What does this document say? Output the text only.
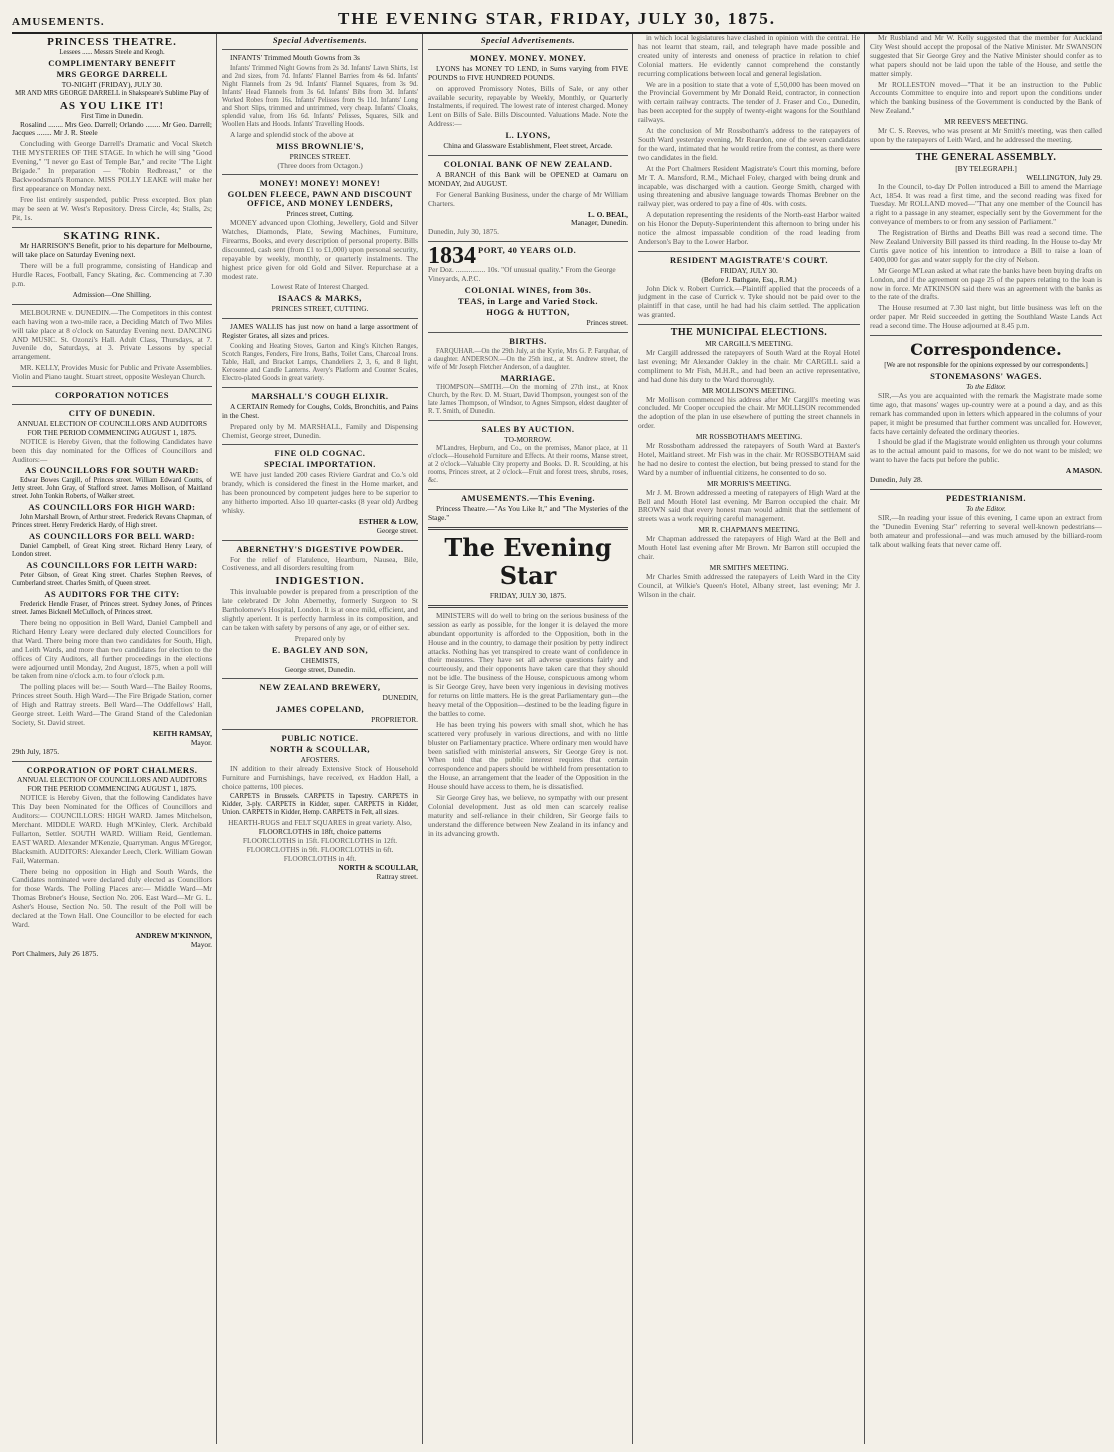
AMUSEMENTS.	THE EVENING STAR, FRIDAY, JULY 30, 1875.
PRINCESS THEATRE.
Lessees ...... Messrs Steele and Keogh.
COMPLIMENTARY BENEFIT
MRS GEORGE DARRELL
TO-NIGHT (FRIDAY), JULY 30.
MR AND MRS GEORGE DARRELL in Shakspeare's Sublime Play of
AS YOU LIKE IT!
First Time in Dunedin.

Rosalind ........ Mrs Geo. Darrell; Orlando ........ Mr Geo. Darrell; Jacques ........ Mr J. R. Steele

Concluding with George Darrell's Dramatic and Vocal Sketch THE MYSTERIES OF THE STAGE. In which he will sing "Good Evening," "I never go East of Temple Bar," and recite "The Light Brigade." In preparation — "Robin Redbreast," or the Backwoodsman's Romance. MISS POLLY LEAKE will make her first appearance on Monday next.

Free list entirely suspended, public Press excepted. Box plan may be seen at W. West's Repository. Dress Circle, 4s; Stalls, 2s; Pit, 1s.

SKATING RINK.

Mr HARRISON'S Benefit, prior to his departure for Melbourne, will take place on Saturday Evening next.

There will be a full programme, consisting of Handicap and Hurdle Races, Football, Fancy Skating, &c. Commencing at 7.30 p.m.

Admission—One Shilling.

MELBOURNE v. DUNEDIN.—The Competitors in this contest each having won a two-mile race, a Deciding Match of Two Miles will take place at 8 o'clock on Saturday Evening next. DANCING AND MUSIC. St. Ozonzi's Hall. Adult Class, Thursdays, at 7. Juvenile do, Saturdays, at 3. Private Lessons by special arrangement.

MR. KELLY, Provides Music for Public and Private Assemblies. Violin and Piano taught. Stuart street, opposite Wesleyan Church.

CORPORATION NOTICES
CITY OF DUNEDIN.
ANNUAL ELECTION OF COUNCILLORS AND AUDITORS FOR THE PERIOD COMMENCING AUGUST 1, 1875.

NOTICE is Hereby Given, that the following Candidates have been this day nominated for the Offices of Councillors and Auditors:—

AS COUNCILLORS FOR SOUTH WARD:

Edwar Bowes Cargill, of Princes street. William Edward Coutts, of Jetty street. John Gray, of Stafford street. James Mollison, of Maitland street. John Tonkin Roberts, of Walker street.

AS COUNCILLORS FOR HIGH WARD:

John Marshall Brown, of Arthur street. Frederick Revans Chapman, of Princes street. Henry Frederick Hardy, of High street.

AS COUNCILLORS FOR BELL WARD:

Daniel Campbell, of Great King street. Richard Henry Leary, of London street.

AS COUNCILLORS FOR LEITH WARD:

Peter Gibson, of Great King street. Charles Stephen Reeves, of Cumberland street. Charles Smith, of Queen street.

AS AUDITORS FOR THE CITY:

Frederick Hendle Fraser, of Princes street. Sydney Jones, of Princes street. James Bicknell McCulloch, of Princes street.

There being no opposition in Bell Ward, Daniel Campbell and Richard Henry Leary were declared duly elected Councillors for that Ward. There being more than two candidates for South, High, and Leith Wards, and more than two candidates for election to the offices of City Auditors, all further proceedings in the elections were adjourned until Monday, 2nd August, 1875, when a poll will be taken from nine o'clock a.m. to four o'clock p.m.

The polling places will be:— South Ward—The Bailey Rooms, Princes street South. High Ward—The Fire Brigade Station, corner of High and Rattray streets. Bell Ward—The Oddfellows' Hall, George street. Leith Ward—The Grand Stand of the Caledonian Society, St. David street.

KEITH RAMSAY,
Mayor.
29th July, 1875.
CORPORATION OF PORT CHALMERS.
ANNUAL ELECTION OF COUNCILLORS AND AUDITORS FOR THE PERIOD COMMENCING AUGUST 1, 1875.

NOTICE is Hereby Given, that the following Candidates have This Day been Nominated for the Offices of Councillors and Auditors:— COUNCILLORS: HIGH WARD. James Mitchelson, Merchant. MIDDLE WARD. Hugh M'Kinley, Clerk. Archibald Fullarton, Settler. SOUTH WARD. William Reid, Gentleman. EAST WARD. Alexander M'Kenzie, Quarryman. Angus M'Gregor, Blacksmith. AUDITORS: Alexander Leech, Clerk. William Gowan Fail, Waterman.

There being no opposition in High and South Wards, the Candidates nominated were declared duly elected as Councillors for those Wards. The Polling Places are:— Middle Ward—Mr Thomas Brebner's House, Section No. 206. East Ward—Mr G. L. Asher's House, Section No. 50. The result of the Poll will be declared at the Town Hall. One Councillor to be elected for each Ward.

ANDREW M'KINNON,
Mayor.
Port Chalmers, July 26 1875.
Special Advertisements.

INFANTS' Trimmed Mouth Gowns from 3s

Infants' Trimmed Night Gowns from 2s 3d. Infants' Lawn Shirts, 1st and 2nd sizes, from 7d. Infants' Flannel Barries from 4s 6d. Infants' Night Flannels from 2s 9d. Infants' Flannel Squares, from 3s 9d. Infants' Head Flannels from 3s 6d. Infants' Bibs from 3d. Infants' Worked Robes from 16s. Infants' Pelisses from 9s 11d. Infants' Long and Short Slips, trimmed and untrimmed, very cheap. Infants' Cloaks, splendid value, from 16s 6d. Infants' Pelisses, Squares, Silk and Woollen Hats and Hoods. Infants' Travelling Hoods.

A large and splendid stock of the above at

MISS BROWNLIE'S,
PRINCES STREET.
(Three doors from Octagon.)
MONEY! MONEY! MONEY!
GOLDEN FLEECE, PAWN AND DISCOUNT OFFICE, AND MONEY LENDERS,
Princes street, Cutting.

MONEY advanced upon Clothing, Jewellery, Gold and Silver Watches, Diamonds, Plate, Sewing Machines, Furniture, Firearms, Books, and every description of personal property. Bills discounted, cash sent (from £1 to £1,000) upon personal security, repayable by weekly, monthly, or quarterly instalments. The highest price given for old Gold and Silver. Repurchase at a modest rate.

Lowest Rate of Interest Charged.
ISAACS & MARKS,
PRINCES STREET, CUTTING.

JAMES WALLIS has just now on hand a large assortment of Register Grates, all sizes and prices.

Cooking and Heating Stoves, Garton and King's Kitchen Ranges, Scotch Ranges, Fenders, Fire Irons, Baths, Toilet Cans, Charcoal Irons. Table, Hall, and Bracket Lamps, Chandeliers 2, 3, 6, and 8 light, Kerosene and Candle Lanterns. Avery's Platform and Counter Scales, Electro-plated Goods in great variety.

MARSHALL'S COUGH ELIXIR.

A CERTAIN Remedy for Coughs, Colds, Bronchitis, and Pains in the Chest.

Prepared only by M. MARSHALL, Family and Dispensing Chemist, George street, Dunedin.

FINE OLD COGNAC.
SPECIAL IMPORTATION.

WE have just landed 200 cases Riviere Gardrat and Co.'s old brandy, which is considered the finest in the Home market, and has been pronounced by competent judges here to be superior to any hitherto imported. Also 10 quarter-casks (8 year old) Ardbeg whisky.

ESTHER & LOW,
George street.
ABERNETHY'S DIGESTIVE POWDER.

For the relief of Flatulence, Heartburn, Nausea, Bile, Costiveness, and all disorders resulting from

INDIGESTION.

This invaluable powder is prepared from a prescription of the late celebrated Dr John Abernethy, formerly Surgeon to St Bartholomew's Hospital, London. It is at once mild, efficient, and slightly aperient. It is perfectly harmless in its composition, and can be taken with safety by persons of any age, or of either sex.

Prepared only by
E. BAGLEY AND SON,
CHEMISTS,
George street, Dunedin.
NEW ZEALAND BREWERY,
DUNEDIN,
JAMES COPELAND,
PROPRIETOR.
PUBLIC NOTICE.
NORTH & SCOULLAR,
AFOSTERS.

IN addition to their already Extensive Stock of Household Furniture and Furnishings, have received, ex Haddon Hall, a choice patterns, 100 pieces.

CARPETS in Brussels. CARPETS in Tapestry. CARPETS in Kidder, 3-ply. CARPETS in Kidder, super. CARPETS in Kidder, Union. CARPETS in Kidder, Hemp. CARPETS in Felt, all sizes.

HEARTH-RUGS and FELT SQUARES in great variety. Also,
FLOORCLOTHS in 18ft, choice patterns
FLOORCLOTHS in 15ft. FLOORCLOTHS in 12ft. FLOORCLOTHS in 9ft. FLOORCLOTHS in 6ft. FLOORCLOTHS in 4ft.
NORTH & SCOULLAR,
Rattray street.
Special Advertisements.
MONEY. MONEY. MONEY.

LYONS has MONEY TO LEND, in Sums varying from FIVE POUNDS to FIVE HUNDRED POUNDS.

on approved Promissory Notes, Bills of Sale, or any other available security, repayable by Weekly, Monthly, or Quarterly Instalments, if required. The lowest rate of interest charged. Money Lent on Bills of Sale. Bills Discounted. Valuations Made. Note the Address:—

L. LYONS,
China and Glassware Establishment, Fleet street, Arcade.
COLONIAL BANK OF NEW ZEALAND.

A BRANCH of this Bank will be OPENED at Oamaru on MONDAY, 2nd AUGUST.

For General Banking Business, under the charge of Mr William Charters.

L. O. BEAL,
Manager, Dunedin.
Dunedin, July 30, 1875.
1834 PORT, 40 YEARS OLD.
Per Doz. ................ 10s. "Of unusual quality." From the George Vineyards, A.P.C.
COLONIAL WINES, from 30s.
TEAS, in Large and Varied Stock.
HOGG & HUTTON,
Princes street.
BIRTHS.

FARQUHAR.—On the 29th July, at the Kyrie, Mrs G. P. Farquhar, of a daughter. ANDERSON.—On the 25th inst., at St. Andrew street, the wife of Mr Joseph Fletcher Anderson, of a daughter.

MARRIAGE.

THOMPSON—SMITH.—On the morning of 27th inst., at Knox Church, by the Rev. D. M. Stuart, David Thompson, youngest son of the late James Thompson, of Windsor, to Agnes Simpson, eldest daughter of R. T. Smith, of Dunedin.

SALES BY AUCTION.
TO-MORROW.

M'Landres, Hepburn, and Co., on the premises, Manor place, at 11 o'clock—Household Furniture and Effects. At their rooms, Manse street, at 2 o'clock—Valuable City property and Books. D. R. Scoulding, at his rooms, Princes street, at 2 o'clock—Fruit and forest trees, shrubs, roses, &c.

AMUSEMENTS.—This Evening.

Princess Theatre.—"As You Like It," and "The Mysteries of the Stage."

The Evening Star
FRIDAY, JULY 30, 1875.

MINISTERS will do well to bring on the serious business of the session as early as possible, for the longer it is delayed the more abundant opportunity is afforded to the Opposition, both in the House and in the country, to damage their position by petty indirect attacks. Nothing has yet transpired to create want of confidence in their measures. They have set all adverse questions fairly and courteously, and their opponents have taken care that they should not be idle. The business of the House, conspicuous among whom is Sir George Grey, have been very ingenious in devising motives for returns on little matters. He is the great Parliamentary gun—the heavy metal of the Opposition—destined to be the leading figure in the battles to come.

He has been trying his powers with small shot, which he has scattered very profusely in various directions, and with no little bluster on Parliamentary practice. Where ordinary men would have been satisfied with ministerial answers, Sir George Grey is not. When told that the public interest requires that certain correspondence and papers should be withheld from presentation to the House, an arrangement that the leader of the Opposition in the House should have access to them, he is dissatisfied.

Sir George Grey has, we believe, no sympathy with our present Colonial development. Just as old men can scarcely realise maturity and self-reliance in their children, Sir George fails to understand the difference between New Zealand in its infancy and in its advancing growth.

in which local legislatures have clashed in opinion with the central. He has not learnt that steam, rail, and telegraph have made possible and created unity of interests and oneness of practice in relation to chief Colonial matters. He evidently cannot comprehend the constantly recurring complications between local and general legislation.

We are in a position to state that a vote of £,50,000 has been moved on the Provincial Government by Mr Donald Reid, contractor, in connection with certain railway contracts. The tender of J. Fraser and Co., Dunedin, has been accepted for the supply of twenty-eight wagons for the Southland railways.

At the conclusion of Mr Rossbotham's address to the ratepayers of South Ward yesterday evening, Mr Reardon, one of the seven candidates for the ward, intimated that he would retire from the contest, as there were two candidates in the field.

At the Port Chalmers Resident Magistrate's Court this morning, before Mr T. A. Mansford, R.M., Michael Foley, charged with being drunk and incapable, was discharged with a caution. George Smith, charged with using threatening and abusive language towards Thomas Brebner on the railway pier, was ordered to pay a fine of 40s. with costs.

A deputation representing the residents of the North-east Harbor waited on his Honor the Deputy-Superintendent this afternoon to bring under his notice the almost impassable condition of the road leading from Anderson's Bay to the Lower Harbor.

RESIDENT MAGISTRATE'S COURT.
FRIDAY, JULY 30.
(Before J. Bathgate, Esq., R.M.)

John Dick v. Robert Currick.—Plaintiff applied that the proceeds of a judgment in the case of Currick v. Tyke should not be paid over to the plaintiff in that case, until he had had his claim settled. The application was granted.

THE MUNICIPAL ELECTIONS.
MR CARGILL'S MEETING.

Mr Cargill addressed the ratepayers of South Ward at the Royal Hotel last evening; Mr Alexander Oakley in the chair. Mr CARGILL said a compliment to Mr Fish, M.H.R., and had been an active representative, and had done his duty to the Ward thoroughly.

MR MOLLISON'S MEETING.

Mr Mollison commenced his address after Mr Cargill's meeting was concluded. Mr Cooper occupied the chair. Mr MOLLISON recommended the adoption of the plan in use elsewhere of putting the street channels in order.

MR ROSSBOTHAM'S MEETING.

Mr Rossbotham addressed the ratepayers of South Ward at Baxter's Hotel, Maitland street. Mr Fish was in the chair. Mr ROSSBOTHAM said he had no desire to contest the election, but being pressed to stand for the Ward by a number of influential citizens, he consented to do so.

MR MORRIS'S MEETING.

Mr J. M. Brown addressed a meeting of ratepayers of High Ward at the Bell and Mouth Hotel last evening. Mr Barron occupied the chair. Mr BROWN said that every honest man would admit that the settlement of streets was a work requiring careful management.

MR R. CHAPMAN'S MEETING.

Mr Chapman addressed the ratepayers of High Ward at the Bell and Mouth Hotel last evening after Mr Brown. Mr Barron still occupied the chair.

MR SMITH'S MEETING.

Mr Charles Smith addressed the ratepayers of Leith Ward in the City Council, at Wilkie's Queen's Hotel, Albany street, last evening; Mr J. Wilson in the chair.

Mr Rusbland and Mr W. Kelly suggested that the member for Auckland City West should accept the proposal of the Native Minister. Mr SWANSON suggested that Sir George Grey and the Native Minister should confer as to what papers should not be laid upon the table of the House, and settle the matter simply.

Mr ROLLESTON moved—"That it be an instruction to the Public Accounts Committee to enquire into and report upon the conditions under which the banking business of the Government is conducted by the Bank of New Zealand."

MR REEVES'S MEETING.

Mr C. S. Reeves, who was present at Mr Smith's meeting, was then called upon by the ratepayers of Leith Ward, and he addressed the meeting.

THE GENERAL ASSEMBLY.
[BY TELEGRAPH.]
WELLINGTON, July 29.

In the Council, to-day Dr Pollen introduced a Bill to amend the Marriage Act, 1854. It was read a first time, and the second reading was fixed for Tuesday. Mr ROLLAND moved—"That any one member of the Council has a right to a passage in any steamer, especially sent by the Government for the conveyance of members to or from any session of Parliament."

The Registration of Births and Deaths Bill was read a second time. The New Zealand University Bill passed its third reading. In the House to-day Mr Curtis gave notice of his intention to introduce a Bill to raise a loan of £400,000 for gas and water supply for the city of Nelson.

Mr George M'Lean asked at what rate the banks have been buying drafts on London, and if the agreement on page 25 of the papers relating to the loan is now in force. Mr ATKINSON said there was an agreement with the banks as to the rate of the drafts.

The House resumed at 7.30 last night, but little business was left on the order paper. Mr Reid succeeded in getting the Southland Waste Lands Act read a second time. The House adjourned at 8.45 p.m.

Correspondence.
[We are not responsible for the opinions expressed by our correspondents.]
STONEMASONS' WAGES.
To the Editor.

SIR,—As you are acquainted with the remark the Magistrate made some time ago, that masons' wages up-country were at a pound a day, and as this remark has commanded upon in letters which appeared in the columns of your paper, it might be presumed that further comment was uncalled for. However, facts have certainly defeated the ordinary theories.

I should be glad if the Magistrate would enlighten us through your columns as to the actual amount paid to masons, for we do not want to be misled; we want to have the facts put before the public.

A MASON.
Dunedin, July 28.
PEDESTRIANISM.
To the Editor.

SIR,—In reading your issue of this evening, I came upon an extract from the "Dunedin Evening Star" referring to several well-known pedestrians—both amateur and professional—and was much amused by the billiard-room talk about walking feats that never came off.
